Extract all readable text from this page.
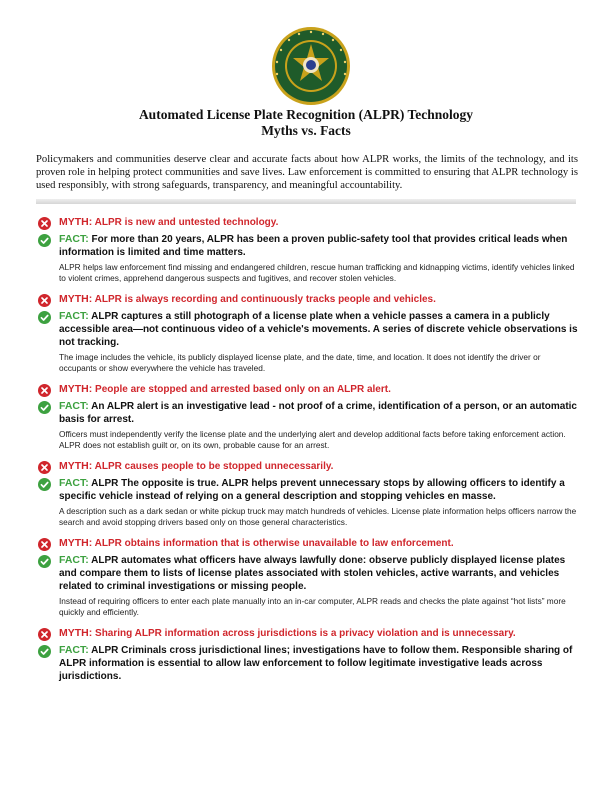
Automated License Plate Recognition (ALPR) Technology
Myths vs. Facts
Policymakers and communities deserve clear and accurate facts about how ALPR works, the limits of the technology, and its proven role in helping protect communities and save lives. Law enforcement is committed to ensuring that ALPR technology is used responsibly, with strong safeguards, transparency, and meaningful accountability.
MYTH: ALPR is new and untested technology.
FACT: For more than 20 years, ALPR has been a proven public-safety tool that provides critical leads when information is limited and time matters.
ALPR helps law enforcement find missing and endangered children, rescue human trafficking and kidnapping victims, identify vehicles linked to violent crimes, apprehend dangerous suspects and fugitives, and recover stolen vehicles.
MYTH: ALPR is always recording and continuously tracks people and vehicles.
FACT: ALPR captures a still photograph of a license plate when a vehicle passes a camera in a publicly accessible area—not continuous video of a vehicle's movements. A series of discrete vehicle observations is not tracking.
The image includes the vehicle, its publicly displayed license plate, and the date, time, and location. It does not identify the driver or occupants or show everywhere the vehicle has traveled.
MYTH: People are stopped and arrested based only on an ALPR alert.
FACT: An ALPR alert is an investigative lead - not proof of a crime, identification of a person, or an automatic basis for arrest.
Officers must independently verify the license plate and the underlying alert and develop additional facts before taking enforcement action. ALPR does not establish guilt or, on its own, probable cause for an arrest.
MYTH: ALPR causes people to be stopped unnecessarily.
FACT: ALPR The opposite is true. ALPR helps prevent unnecessary stops by allowing officers to identify a specific vehicle instead of relying on a general description and stopping vehicles en masse.
A description such as a dark sedan or white pickup truck may match hundreds of vehicles. License plate information helps officers narrow the search and avoid stopping drivers based only on those general characteristics.
MYTH: ALPR obtains information that is otherwise unavailable to law enforcement.
FACT: ALPR automates what officers have always lawfully done: observe publicly displayed license plates and compare them to lists of license plates associated with stolen vehicles, active warrants, and vehicles related to criminal investigations or missing people.
Instead of requiring officers to enter each plate manually into an in-car computer, ALPR reads and checks the plate against “hot lists” more quickly and efficiently.
MYTH: Sharing ALPR information across jurisdictions is a privacy violation and is unnecessary.
FACT: ALPR Criminals cross jurisdictional lines; investigations have to follow them. Responsible sharing of ALPR information is essential to allow law enforcement to follow legitimate investigative leads across jurisdictions.
